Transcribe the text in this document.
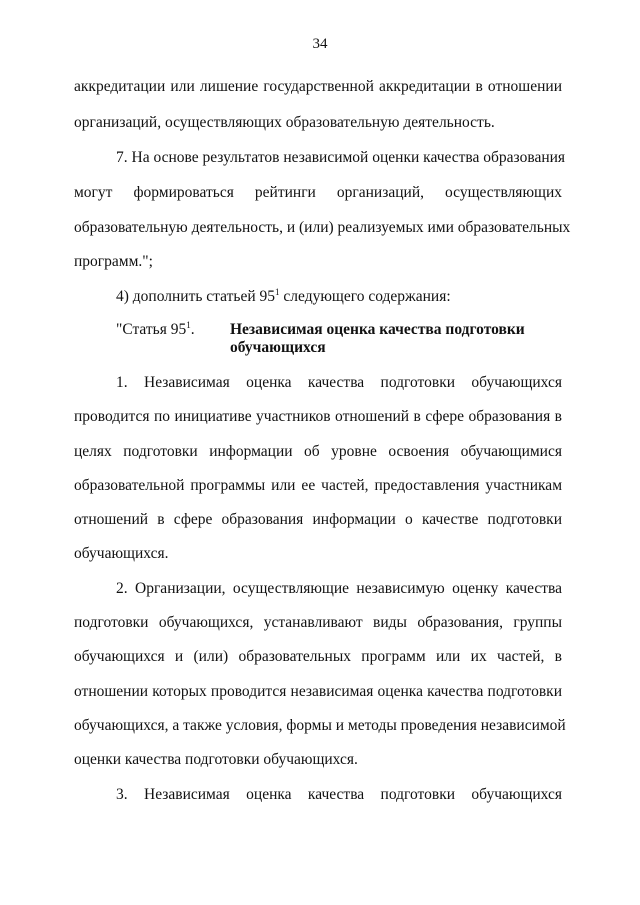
34
аккредитации или лишение государственной аккредитации в отношении
организаций, осуществляющих образовательную деятельность.
7. На основе результатов независимой оценки качества образования
могут формироваться рейтинги организаций, осуществляющих
образовательную деятельность, и (или) реализуемых ими образовательных
программ.";
4) дополнить статьей $95^1$ следующего содержания:
"Статья $95^1$. Независимая оценка качества подготовки
обучающихся
1. Независимая оценка качества подготовки обучающихся
проводится по инициативе участников отношений в сфере образования в
целях подготовки информации об уровне освоения обучающимися
образовательной программы или ее частей, предоставления участникам
отношений в сфере образования информации о качестве подготовки
обучающихся.
2. Организации, осуществляющие независимую оценку качества
подготовки обучающихся, устанавливают виды образования, группы
обучающихся и (или) образовательных программ или их частей, в
отношении которых проводится независимая оценка качества подготовки
обучающихся, а также условия, формы и методы проведения независимой
оценки качества подготовки обучающихся.
3. Независимая оценка качества подготовки обучающихся
